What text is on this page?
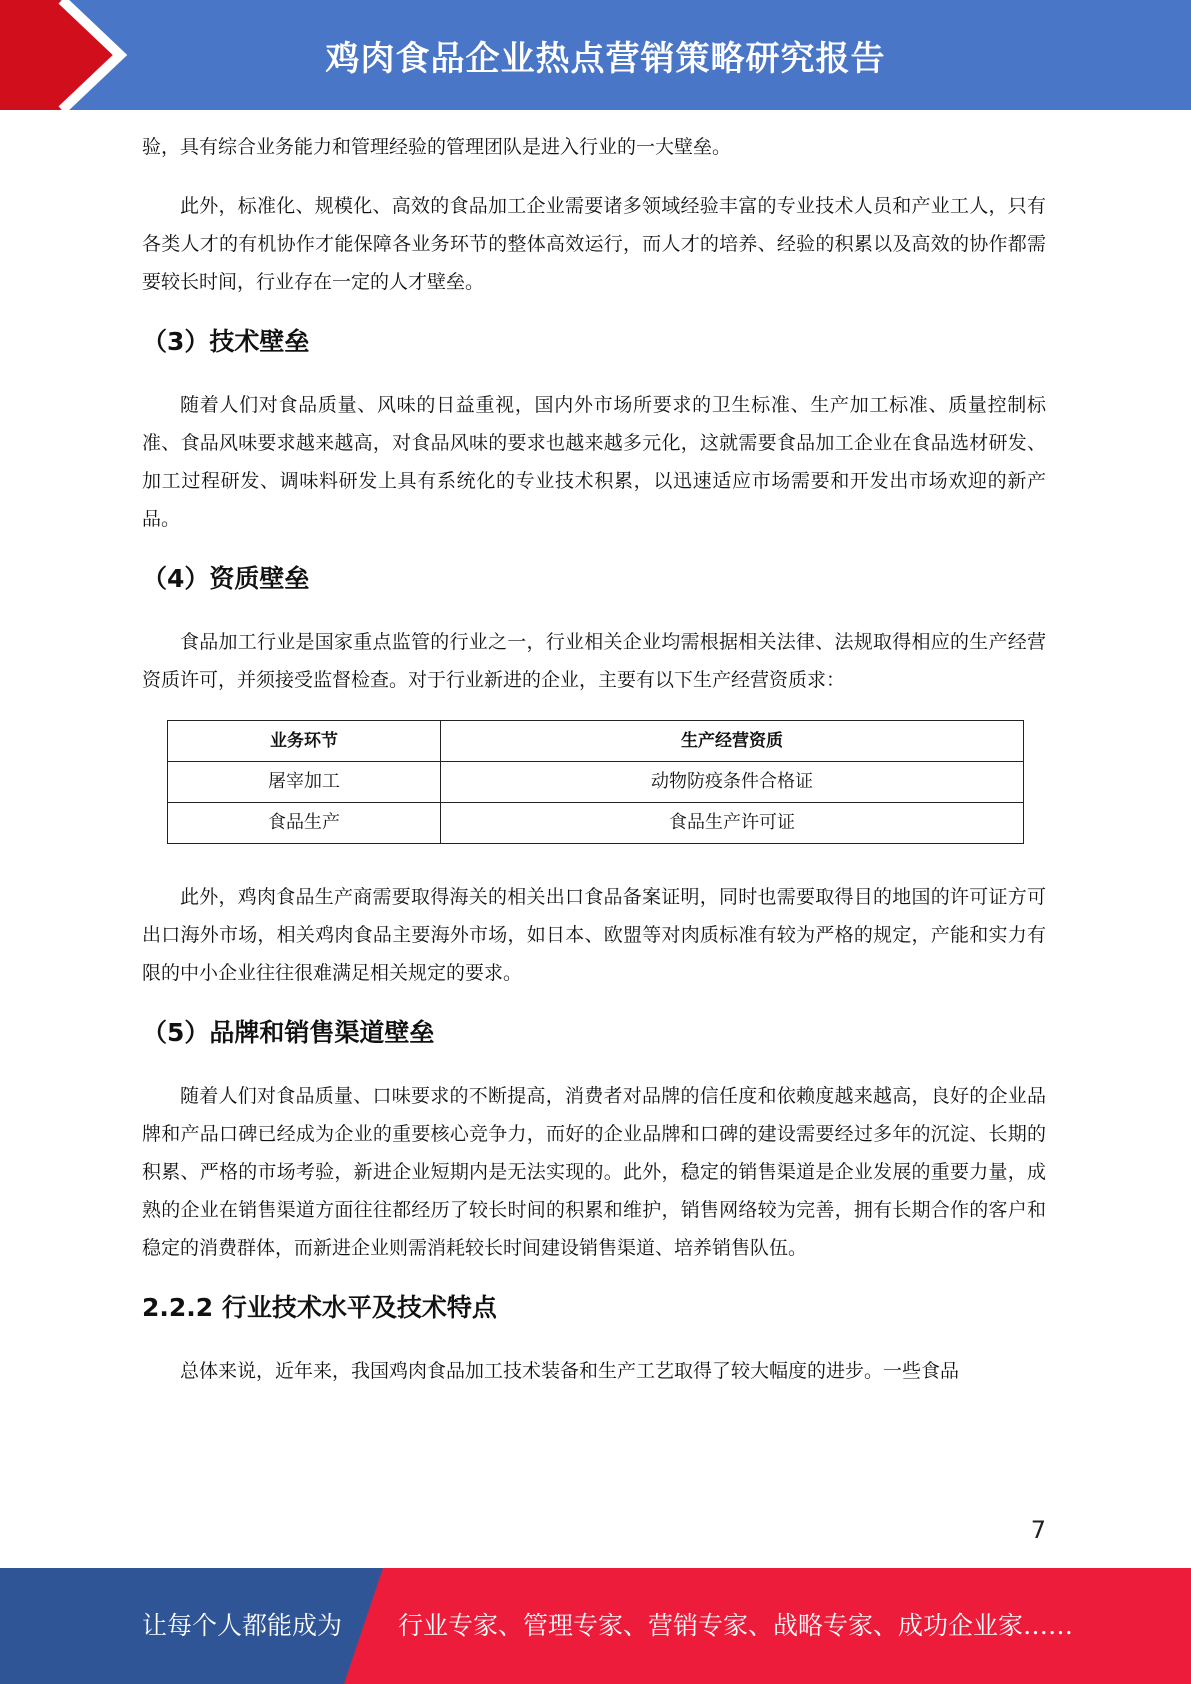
鸡肉食品企业热点营销策略研究报告

验，具有综合业务能力和管理经验的管理团队是进入行业的一大壁垒。

此外，标准化、规模化、高效的食品加工企业需要诸多领域经验丰富的专业技术人员和产业工人，只有各类人才的有机协作才能保障各业务环节的整体高效运行，而人才的培养、经验的积累以及高效的协作都需要较长时间，行业存在一定的人才壁垒。

（3）技术壁垒

随着人们对食品质量、风味的日益重视，国内外市场所要求的卫生标准、生产加工标准、质量控制标准、食品风味要求越来越高，对食品风味的要求也越来越多元化，这就需要食品加工企业在食品选材研发、加工过程研发、调味料研发上具有系统化的专业技术积累，以迅速适应市场需要和开发出市场欢迎的新产品。

（4）资质壁垒

食品加工行业是国家重点监管的行业之一，行业相关企业均需根据相关法律、法规取得相应的生产经营资质许可，并须接受监督检查。对于行业新进的企业，主要有以下生产经营资质求：

业务环节	生产经营资质
屠宰加工	动物防疫条件合格证
食品生产	食品生产许可证

此外，鸡肉食品生产商需要取得海关的相关出口食品备案证明，同时也需要取得目的地国的许可证方可出口海外市场，相关鸡肉食品主要海外市场，如日本、欧盟等对肉质标准有较为严格的规定，产能和实力有限的中小企业往往很难满足相关规定的要求。

（5）品牌和销售渠道壁垒

随着人们对食品质量、口味要求的不断提高，消费者对品牌的信任度和依赖度越来越高，良好的企业品牌和产品口碑已经成为企业的重要核心竞争力，而好的企业品牌和口碑的建设需要经过多年的沉淀、长期的积累、严格的市场考验，新进企业短期内是无法实现的。此外，稳定的销售渠道是企业发展的重要力量，成熟的企业在销售渠道方面往往都经历了较长时间的积累和维护，销售网络较为完善，拥有长期合作的客户和稳定的消费群体，而新进企业则需消耗较长时间建设销售渠道、培养销售队伍。

2.2.2 行业技术水平及技术特点

总体来说，近年来，我国鸡肉食品加工技术装备和生产工艺取得了较大幅度的进步。一些食品

7
让每个人都能成为 行业专家、管理专家、营销专家、战略专家、成功企业家……
